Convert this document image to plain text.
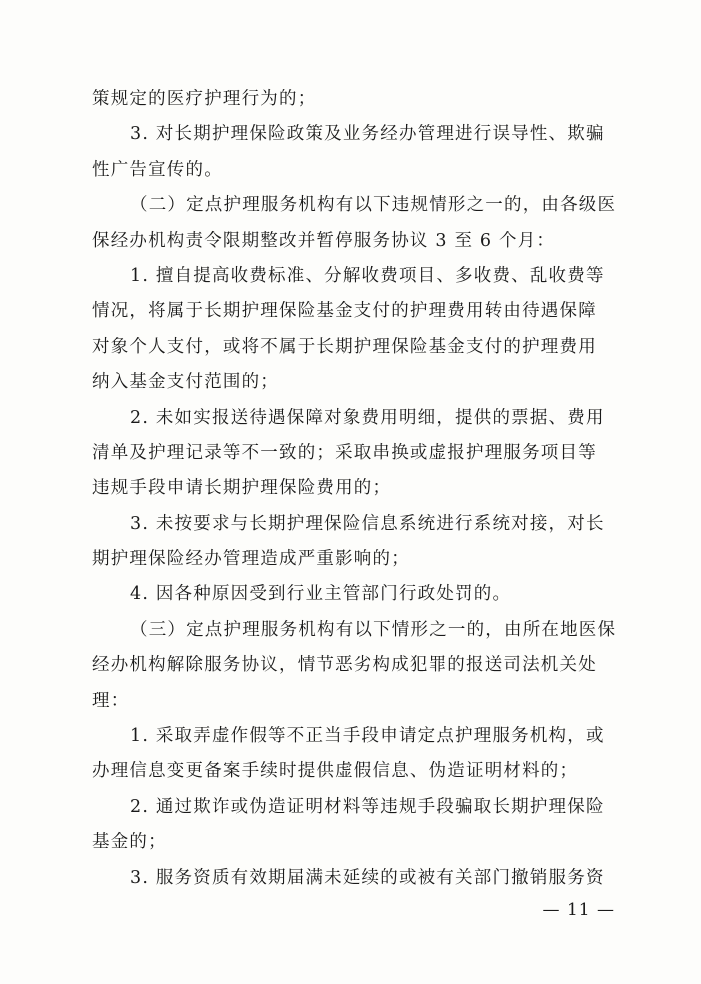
策规定的医疗护理行为的；
3. 对长期护理保险政策及业务经办管理进行误导性、欺骗
性广告宣传的。
（二）定点护理服务机构有以下违规情形之一的，由各级医
保经办机构责令限期整改并暂停服务协议 3 至 6 个月：
1. 擅自提高收费标准、分解收费项目、多收费、乱收费等
情况，将属于长期护理保险基金支付的护理费用转由待遇保障
对象个人支付，或将不属于长期护理保险基金支付的护理费用
纳入基金支付范围的；
2. 未如实报送待遇保障对象费用明细，提供的票据、费用
清单及护理记录等不一致的；采取串换或虚报护理服务项目等
违规手段申请长期护理保险费用的；
3. 未按要求与长期护理保险信息系统进行系统对接，对长
期护理保险经办管理造成严重影响的；
4. 因各种原因受到行业主管部门行政处罚的。
（三）定点护理服务机构有以下情形之一的，由所在地医保
经办机构解除服务协议，情节恶劣构成犯罪的报送司法机关处
理：
1. 采取弄虚作假等不正当手段申请定点护理服务机构，或
办理信息变更备案手续时提供虚假信息、伪造证明材料的；
2. 通过欺诈或伪造证明材料等违规手段骗取长期护理保险
基金的；
3. 服务资质有效期届满未延续的或被有关部门撤销服务资
— 11 —
